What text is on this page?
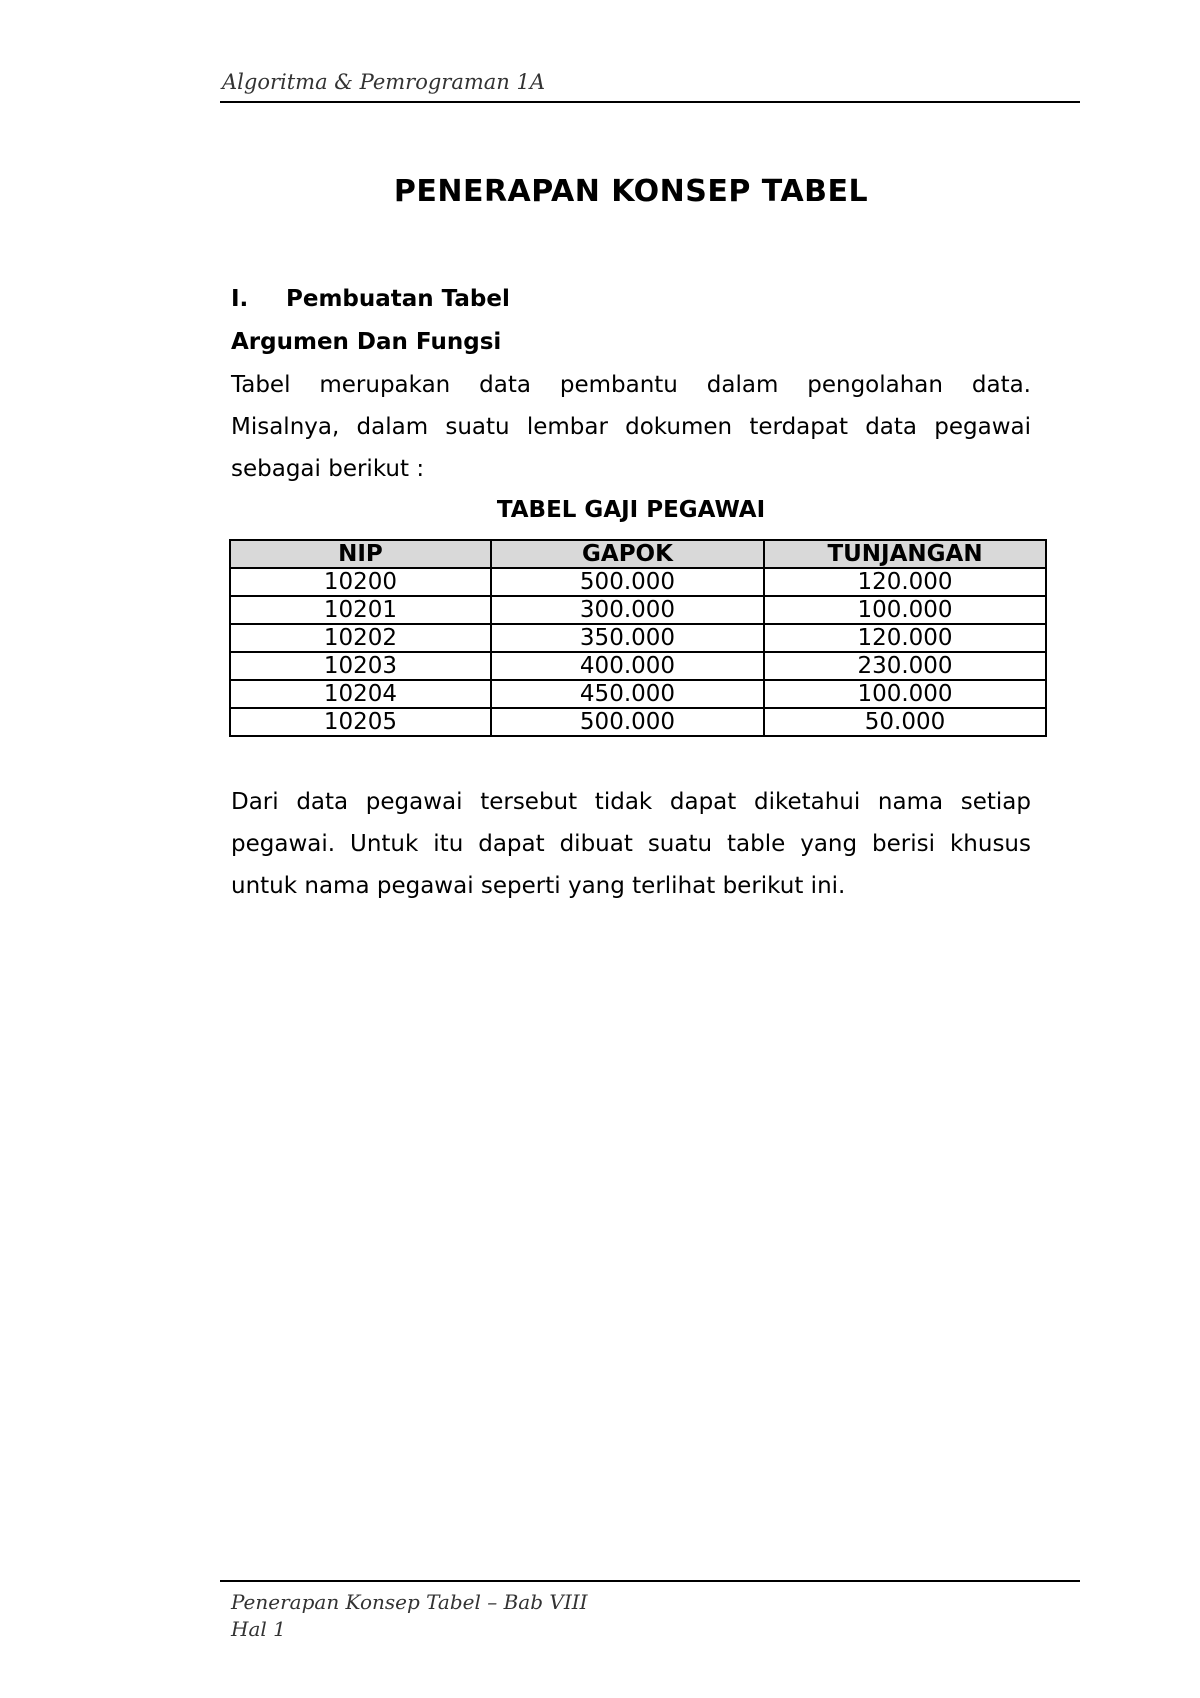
Algoritma & Pemrograman 1A
PENERAPAN KONSEP TABEL
I. Pembuatan Tabel
Argumen Dan Fungsi
Tabel merupakan data pembantu dalam pengolahan data.
Misalnya, dalam suatu lembar dokumen terdapat data pegawai
sebagai berikut :
TABEL GAJI PEGAWAI
NIP	GAPOK	TUNJANGAN
10200	500.000	120.000
10201	300.000	100.000
10202	350.000	120.000
10203	400.000	230.000
10204	450.000	100.000
10205	500.000	50.000
Dari data pegawai tersebut tidak dapat diketahui nama setiap
pegawai. Untuk itu dapat dibuat suatu table yang berisi khusus
untuk nama pegawai seperti yang terlihat berikut ini.
Penerapan Konsep Tabel – Bab VIII
Hal 1
